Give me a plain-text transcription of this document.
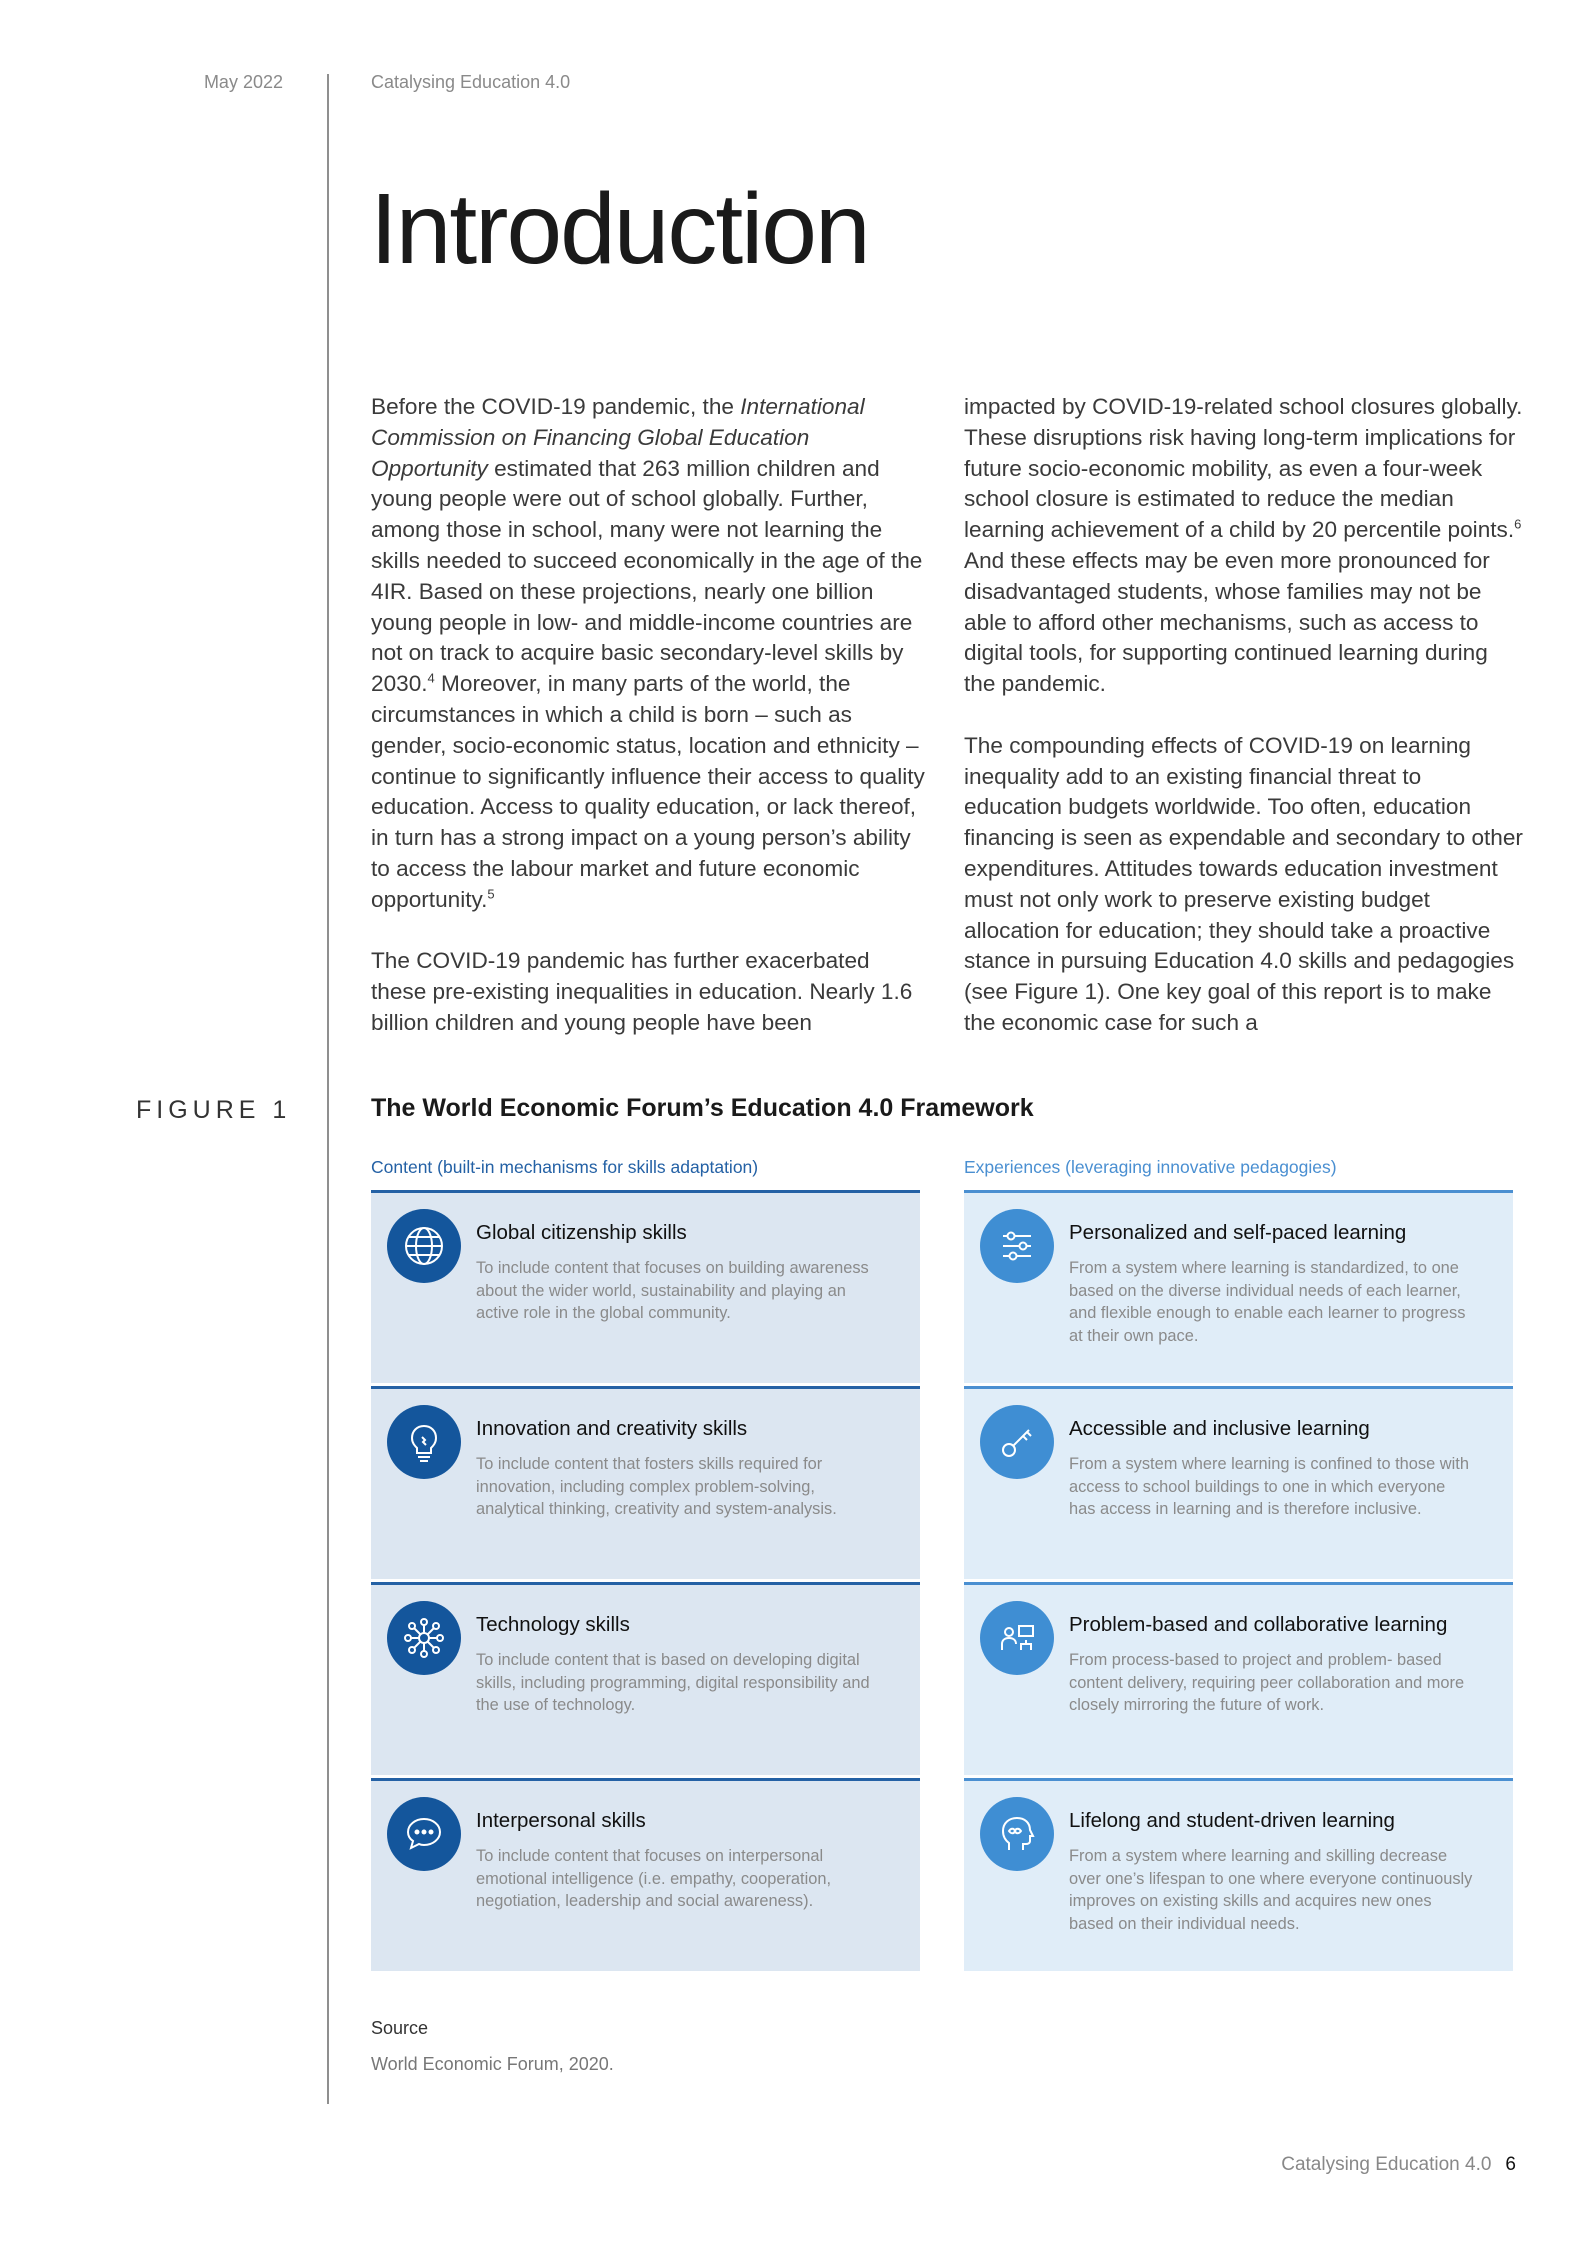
May 2022	Catalysing Education 4.0
Introduction

Before the COVID-19 pandemic, the International Commission on Financing Global Education Opportunity estimated that 263 million children and young people were out of school globally. Further, among those in school, many were not learning the skills needed to succeed economically in the age of the 4IR. Based on these projections, nearly one billion young people in low- and middle-income countries are not on track to acquire basic secondary-level skills by 2030.$^4$ Moreover, in many parts of the world, the circumstances in which a child is born – such as gender, socio-economic status, location and ethnicity – continue to significantly influence their access to quality education. Access to quality education, or lack thereof, in turn has a strong impact on a young person’s ability to access the labour market and future economic opportunity.$^5$

The COVID-19 pandemic has further exacerbated these pre-existing inequalities in education. Nearly 1.6 billion children and young people have been

impacted by COVID-19-related school closures globally. These disruptions risk having long-term implications for future socio-economic mobility, as even a four-week school closure is estimated to reduce the median learning achievement of a child by 20 percentile points.$^6$ And these effects may be even more pronounced for disadvantaged students, whose families may not be able to afford other mechanisms, such as access to digital tools, for supporting continued learning during the pandemic.

The compounding effects of COVID-19 on learning inequality add to an existing financial threat to education budgets worldwide. Too often, education financing is seen as expendable and secondary to other expenditures. Attitudes towards education investment must not only work to preserve existing budget allocation for education; they should take a proactive stance in pursuing Education 4.0 skills and pedagogies (see Figure 1). One key goal of this report is to make the economic case for such a

FIGURE 1	The World Economic Forum’s Education 4.0 Framework
Content (built-in mechanisms for skills adaptation)	Experiences (leveraging innovative pedagogies)
Global citizenship skills

To include content that focuses on building awareness about the wider world, sustainability and playing an active role in the global community.

Innovation and creativity skills

To include content that fosters skills required for innovation, including complex problem-solving, analytical thinking, creativity and system-analysis.

Technology skills

To include content that is based on developing digital skills, including programming, digital responsibility and the use of technology.

Interpersonal skills

To include content that focuses on interpersonal emotional intelligence (i.e. empathy, cooperation, negotiation, leadership and social awareness).

Personalized and self-paced learning

From a system where learning is standardized, to one based on the diverse individual needs of each learner, and flexible enough to enable each learner to progress at their own pace.

Accessible and inclusive learning

From a system where learning is confined to those with access to school buildings to one in which everyone has access in learning and is therefore inclusive.

Problem-based and collaborative learning

From process-based to project and problem- based content delivery, requiring peer collaboration and more closely mirroring the future of work.

Lifelong and student-driven learning

From a system where learning and skilling decrease over one’s lifespan to one where everyone continuously improves on existing skills and acquires new ones based on their individual needs.

Source
World Economic Forum, 2020.
Catalysing Education 4.0 6
